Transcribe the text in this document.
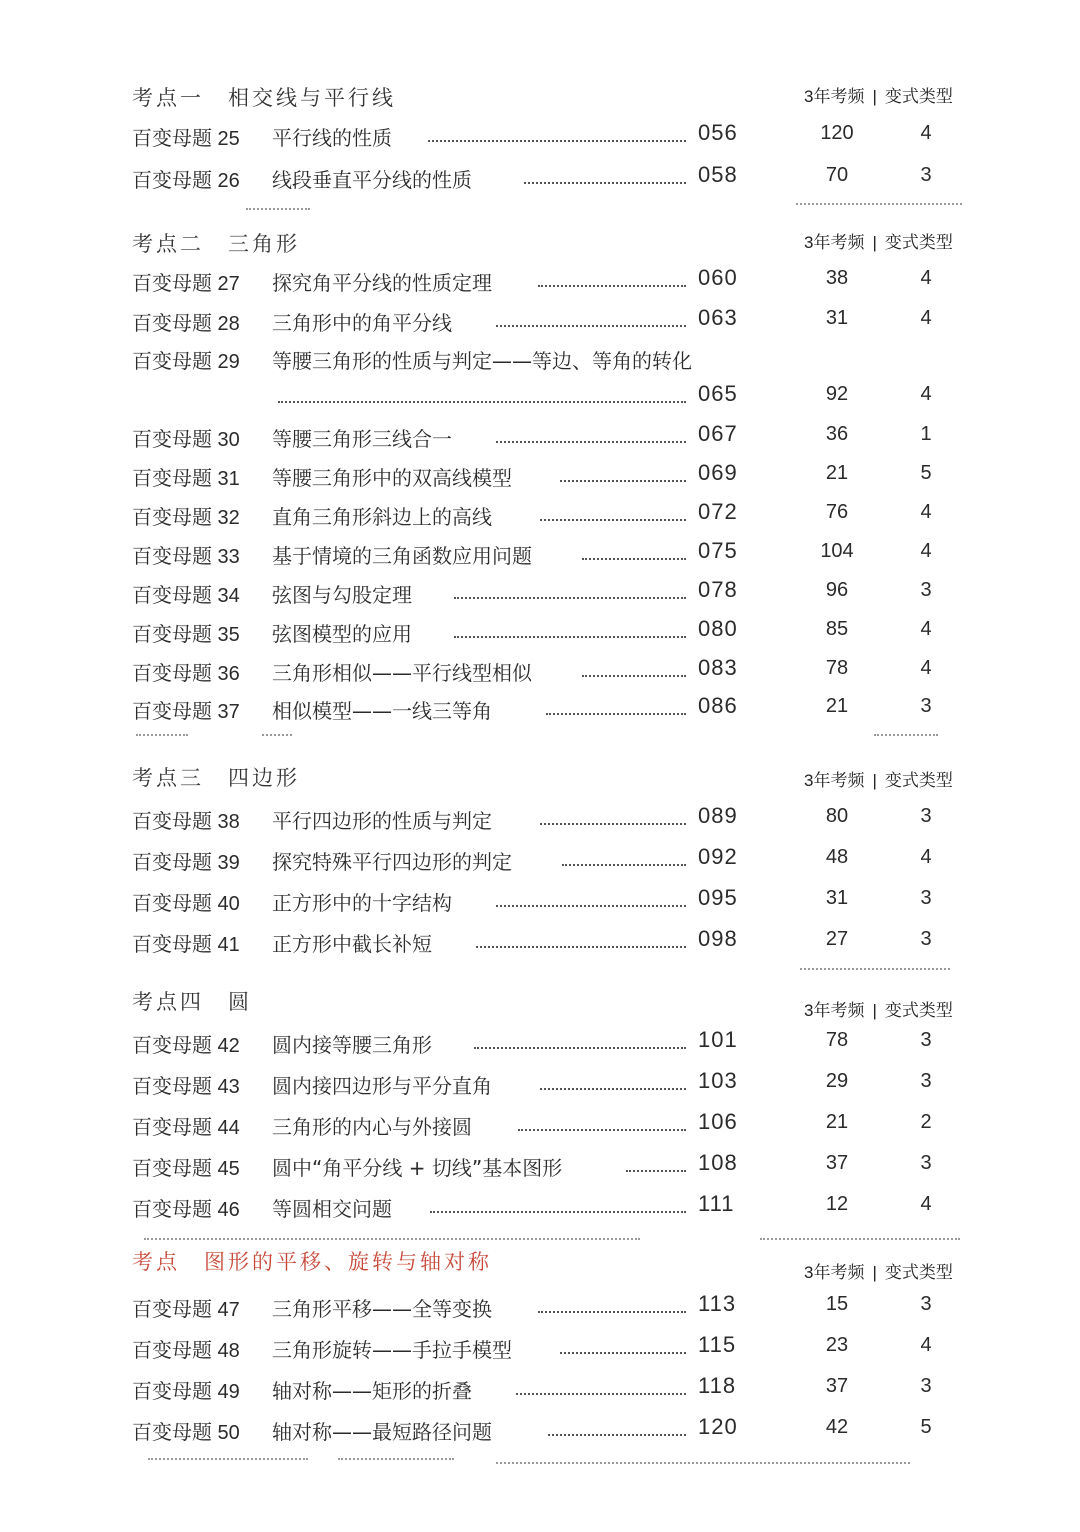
考点一　相交线与平行线	3年考频 | 变式类型
百变母题 25 平行线的性质	056	120	4
百变母题 26 线段垂直平分线的性质	058	70	3
考点二　三角形	3年考频 | 变式类型
百变母题 27 探究角平分线的性质定理	060	38	4
百变母题 28 三角形中的角平分线	063	31	4
百变母题 29 等腰三角形的性质与判定——等边、等角的转化
065	92	4
百变母题 30 等腰三角形三线合一	067	36	1
百变母题 31 等腰三角形中的双高线模型	069	21	5
百变母题 32 直角三角形斜边上的高线	072	76	4
百变母题 33 基于情境的三角函数应用问题	075	104	4
百变母题 34 弦图与勾股定理	078	96	3
百变母题 35 弦图模型的应用	080	85	4
百变母题 36 三角形相似——平行线型相似	083	78	4
百变母题 37 相似模型——一线三等角	086	21	3
考点三　四边形	3年考频 | 变式类型
百变母题 38 平行四边形的性质与判定	089	80	3
百变母题 39 探究特殊平行四边形的判定	092	48	4
百变母题 40 正方形中的十字结构	095	31	3
百变母题 41 正方形中截长补短	098	27	3
考点四　圆	3年考频 | 变式类型
百变母题 42 圆内接等腰三角形	101	78	3
百变母题 43 圆内接四边形与平分直角	103	29	3
百变母题 44 三角形的内心与外接圆	106	21	2
百变母题 45 圆中“角平分线 + 切线”基本图形	108	37	3
百变母题 46 等圆相交问题	111	12	4
考点　图形的平移、旋转与轴对称	3年考频 | 变式类型
百变母题 47 三角形平移——全等变换	113	15	3
百变母题 48 三角形旋转——手拉手模型	115	23	4
百变母题 49 轴对称——矩形的折叠	118	37	3
百变母题 50 轴对称——最短路径问题	120	42	5
